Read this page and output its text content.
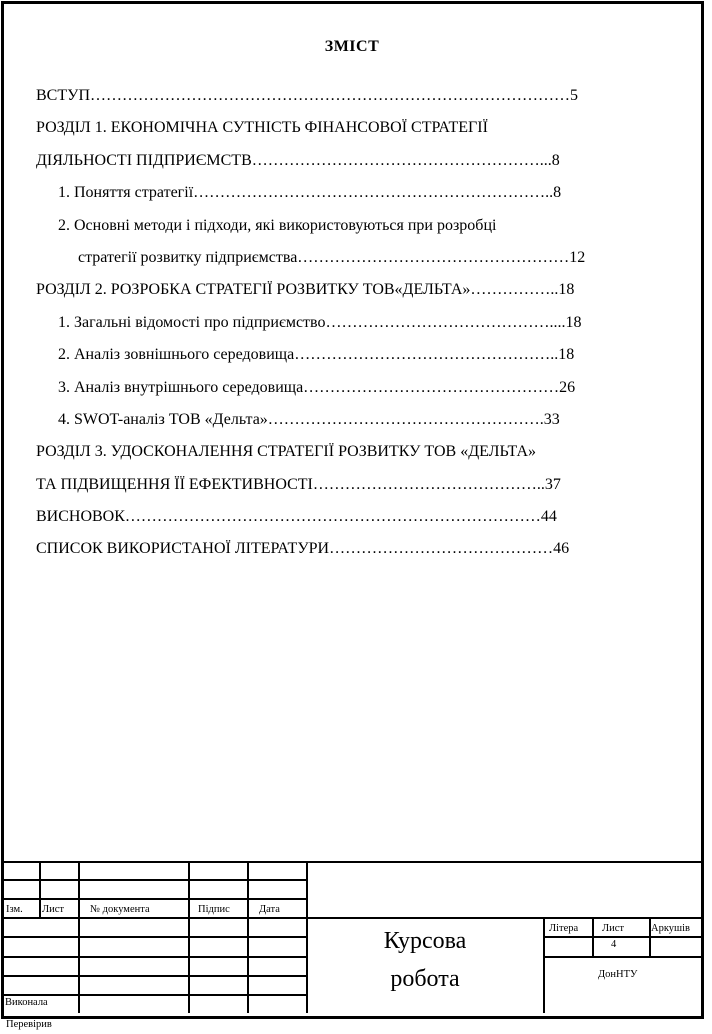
ЗМІСТ
ВСТУП………………………………………………………………………………5
РОЗДІЛ 1. ЕКОНОМІЧНА СУТНІСТЬ ФІНАНСОВОЇ СТРАТЕГІЇ
ДІЯЛЬНОСТІ ПІДПРИЄМСТВ………………………………………………...8
1. Поняття стратегії…………………………………………………………..8
2. Основні методи і підходи, які використовуються при розробці
стратегії розвитку підприємства……………………………………………12
РОЗДІЛ 2. РОЗРОБКА СТРАТЕГІЇ РОЗВИТКУ ТОВ«ДЕЛЬТА»……………..18
1. Загальні відомості про підприємство……………………………………....18
2. Аналіз зовнішнього середовища…………………………………………..18
3. Аналіз внутрішнього середовища…………………………………………26
4. SWOT-аналіз ТОВ «Дельта»…………………………………………….33
РОЗДІЛ 3. УДОСКОНАЛЕННЯ СТРАТЕГІЇ РОЗВИТКУ ТОВ «ДЕЛЬТА»
ТА ПІДВИЩЕННЯ ЇЇ ЕФЕКТИВНОСТІ……………………………………..37
ВИСНОВОК……………………………………………………………………44
СПИСОК ВИКОРИСТАНОЇ ЛІТЕРАТУРИ……………………………………46
Ізм. Лист № документа	Підпис	Дата
Виконала
Перевірив
Курсова
робота
Літера Лист	Аркушів
4
ДонНТУ
